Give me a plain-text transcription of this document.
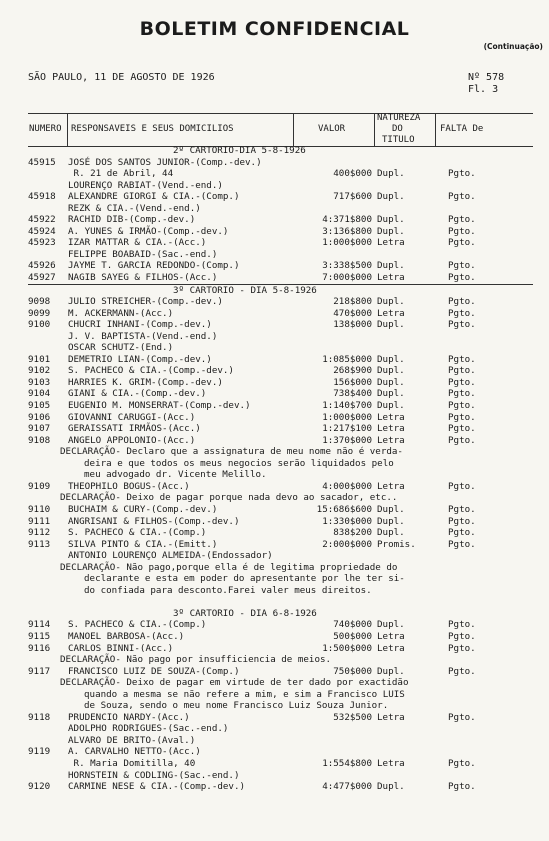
BOLETIM CONFIDENCIAL
(Continuação)
SÃO PAULO, 11 DE AGOSTO DE 1926	Nº 578
Fl. 3
NUMERO RESPONSAVEIS E SEUS DOMICILIOS	VALOR
NATUREZA
DO
TITULO
FALTA De
2º CARTORIO-DIA 5-8-1926
45915	JOSÉ DOS SANTOS JUNIOR-(Comp.-dev.)
R. 21 de Abril, 44	400$000 Dupl.	Pgto.
LOURENÇO RABIAT-(Vend.-end.)
45918	ALEXANDRE GIORGI & CIA.-(Comp.)	717$600 Dupl.	Pgto.
REZK & CIA.-(Vend.-end.)
45922	RACHID DIB-(Comp.-dev.)	4:371$800 Dupl.	Pgto.
45924	A. YUNES & IRMÃO-(Comp.-dev.)	3:136$800 Dupl.	Pgto.
45923	IZAR MATTAR & CIA.-(Acc.)	1:000$000 Letra	Pgto.
FELIPPE BOABAID-(Sac.-end.)
45926	JAYME T. GARCIA REDONDO-(Comp.)	3:338$500 Dupl.	Pgto.
45927	NAGIB SAYEG & FILHOS-(Acc.)	7:000$000 Letra	Pgto.
3º CARTORIO - DIA 5-8-1926
9098	JULIO STREICHER-(Comp.-dev.)	218$800 Dupl.	Pgto.
9099	M. ACKERMANN-(Acc.)	470$000 Letra	Pgto.
9100	CHUCRI INHANI-(Comp.-dev.)	138$000 Dupl.	Pgto.
J. V. BAPTISTA-(Vend.-end.)
OSCAR SCHUTZ-(End.)
9101	DEMETRIO LIAN-(Comp.-dev.)	1:085$000 Dupl.	Pgto.
9102	S. PACHECO & CIA.-(Comp.-dev.)	268$900 Dupl.	Pgto.
9103	HARRIES K. GRIM-(Comp.-dev.)	156$000 Dupl.	Pgto.
9104	GIANI & CIA.-(Comp.-dev.)	738$400 Dupl.	Pgto.
9105	EUGENIO M. MONSERRAT-(Comp.-dev.)	1:140$700 Dupl.	Pgto.
9106	GIOVANNI CARUGGI-(Acc.)	1:000$000 Letra	Pgto.
9107	GERAISSATI IRMÃOS-(Acc.)	1:217$100 Letra	Pgto.
9108	ANGELO APPOLONIO-(Acc.)	1:370$000 Letra	Pgto.
DECLARAÇÃO- Declaro que a assignatura de meu nome não é verda-
deira e que todos os meus negocios serão liquidados pelo
meu advogado dr. Vicente Melillo.
9109	THEOPHILO BOGUS-(Acc.)	4:000$000 Letra	Pgto.
DECLARAÇÃO- Deixo de pagar porque nada devo ao sacador, etc..
9110	BUCHAIM & CURY-(Comp.-dev.)	15:686$600 Dupl.	Pgto.
9111	ANGRISANI & FILHOS-(Comp.-dev.)	1:330$000 Dupl.	Pgto.
9112	S. PACHECO & CIA.-(Comp.)	838$200 Dupl.	Pgto.
9113	SILVA PINTO & CIA.-(Emitt.)	2:000$000 Promis.	Pgto.
ANTONIO LOURENÇO ALMEIDA-(Endossador)
DECLARAÇÃO- Não pago,porque ella é de legitima propriedade do
declarante e esta em poder do apresentante por lhe ter si-
do confiada para desconto.Farei valer meus direitos.
3º CARTORIO - DIA 6-8-1926
9114	S. PACHECO & CIA.-(Comp.)	740$000 Dupl.	Pgto.
9115	MANOEL BARBOSA-(Acc.)	500$000 Letra	Pgto.
9116	CARLOS BINNI-(Acc.)	1:500$000 Letra	Pgto.
DECLARAÇÃO- Não pago por insufficiencia de meios.
9117	FRANCISCO LUIZ DE SOUZA-(Comp.)	750$000 Dupl.	Pgto.
DECLARAÇÃO- Deixo de pagar em virtude de ter dado por exactidão
quando a mesma se não refere a mim, e sim a Francisco LUIS
de Souza, sendo o meu nome Francisco Luiz Souza Junior.
9118	PRUDENCIO NARDY-(Acc.)	532$500 Letra	Pgto.
ADOLPHO RODRIGUES-(Sac.-end.)
ALVARO DE BRITO-(Aval.)
9119	A. CARVALHO NETTO-(Acc.)
R. Maria Domitilla, 40	1:554$800 Letra	Pgto.
HORNSTEIN & CODLING-(Sac.-end.)
9120	CARMINE NESE & CIA.-(Comp.-dev.)	4:477$000 Dupl.	Pgto.
